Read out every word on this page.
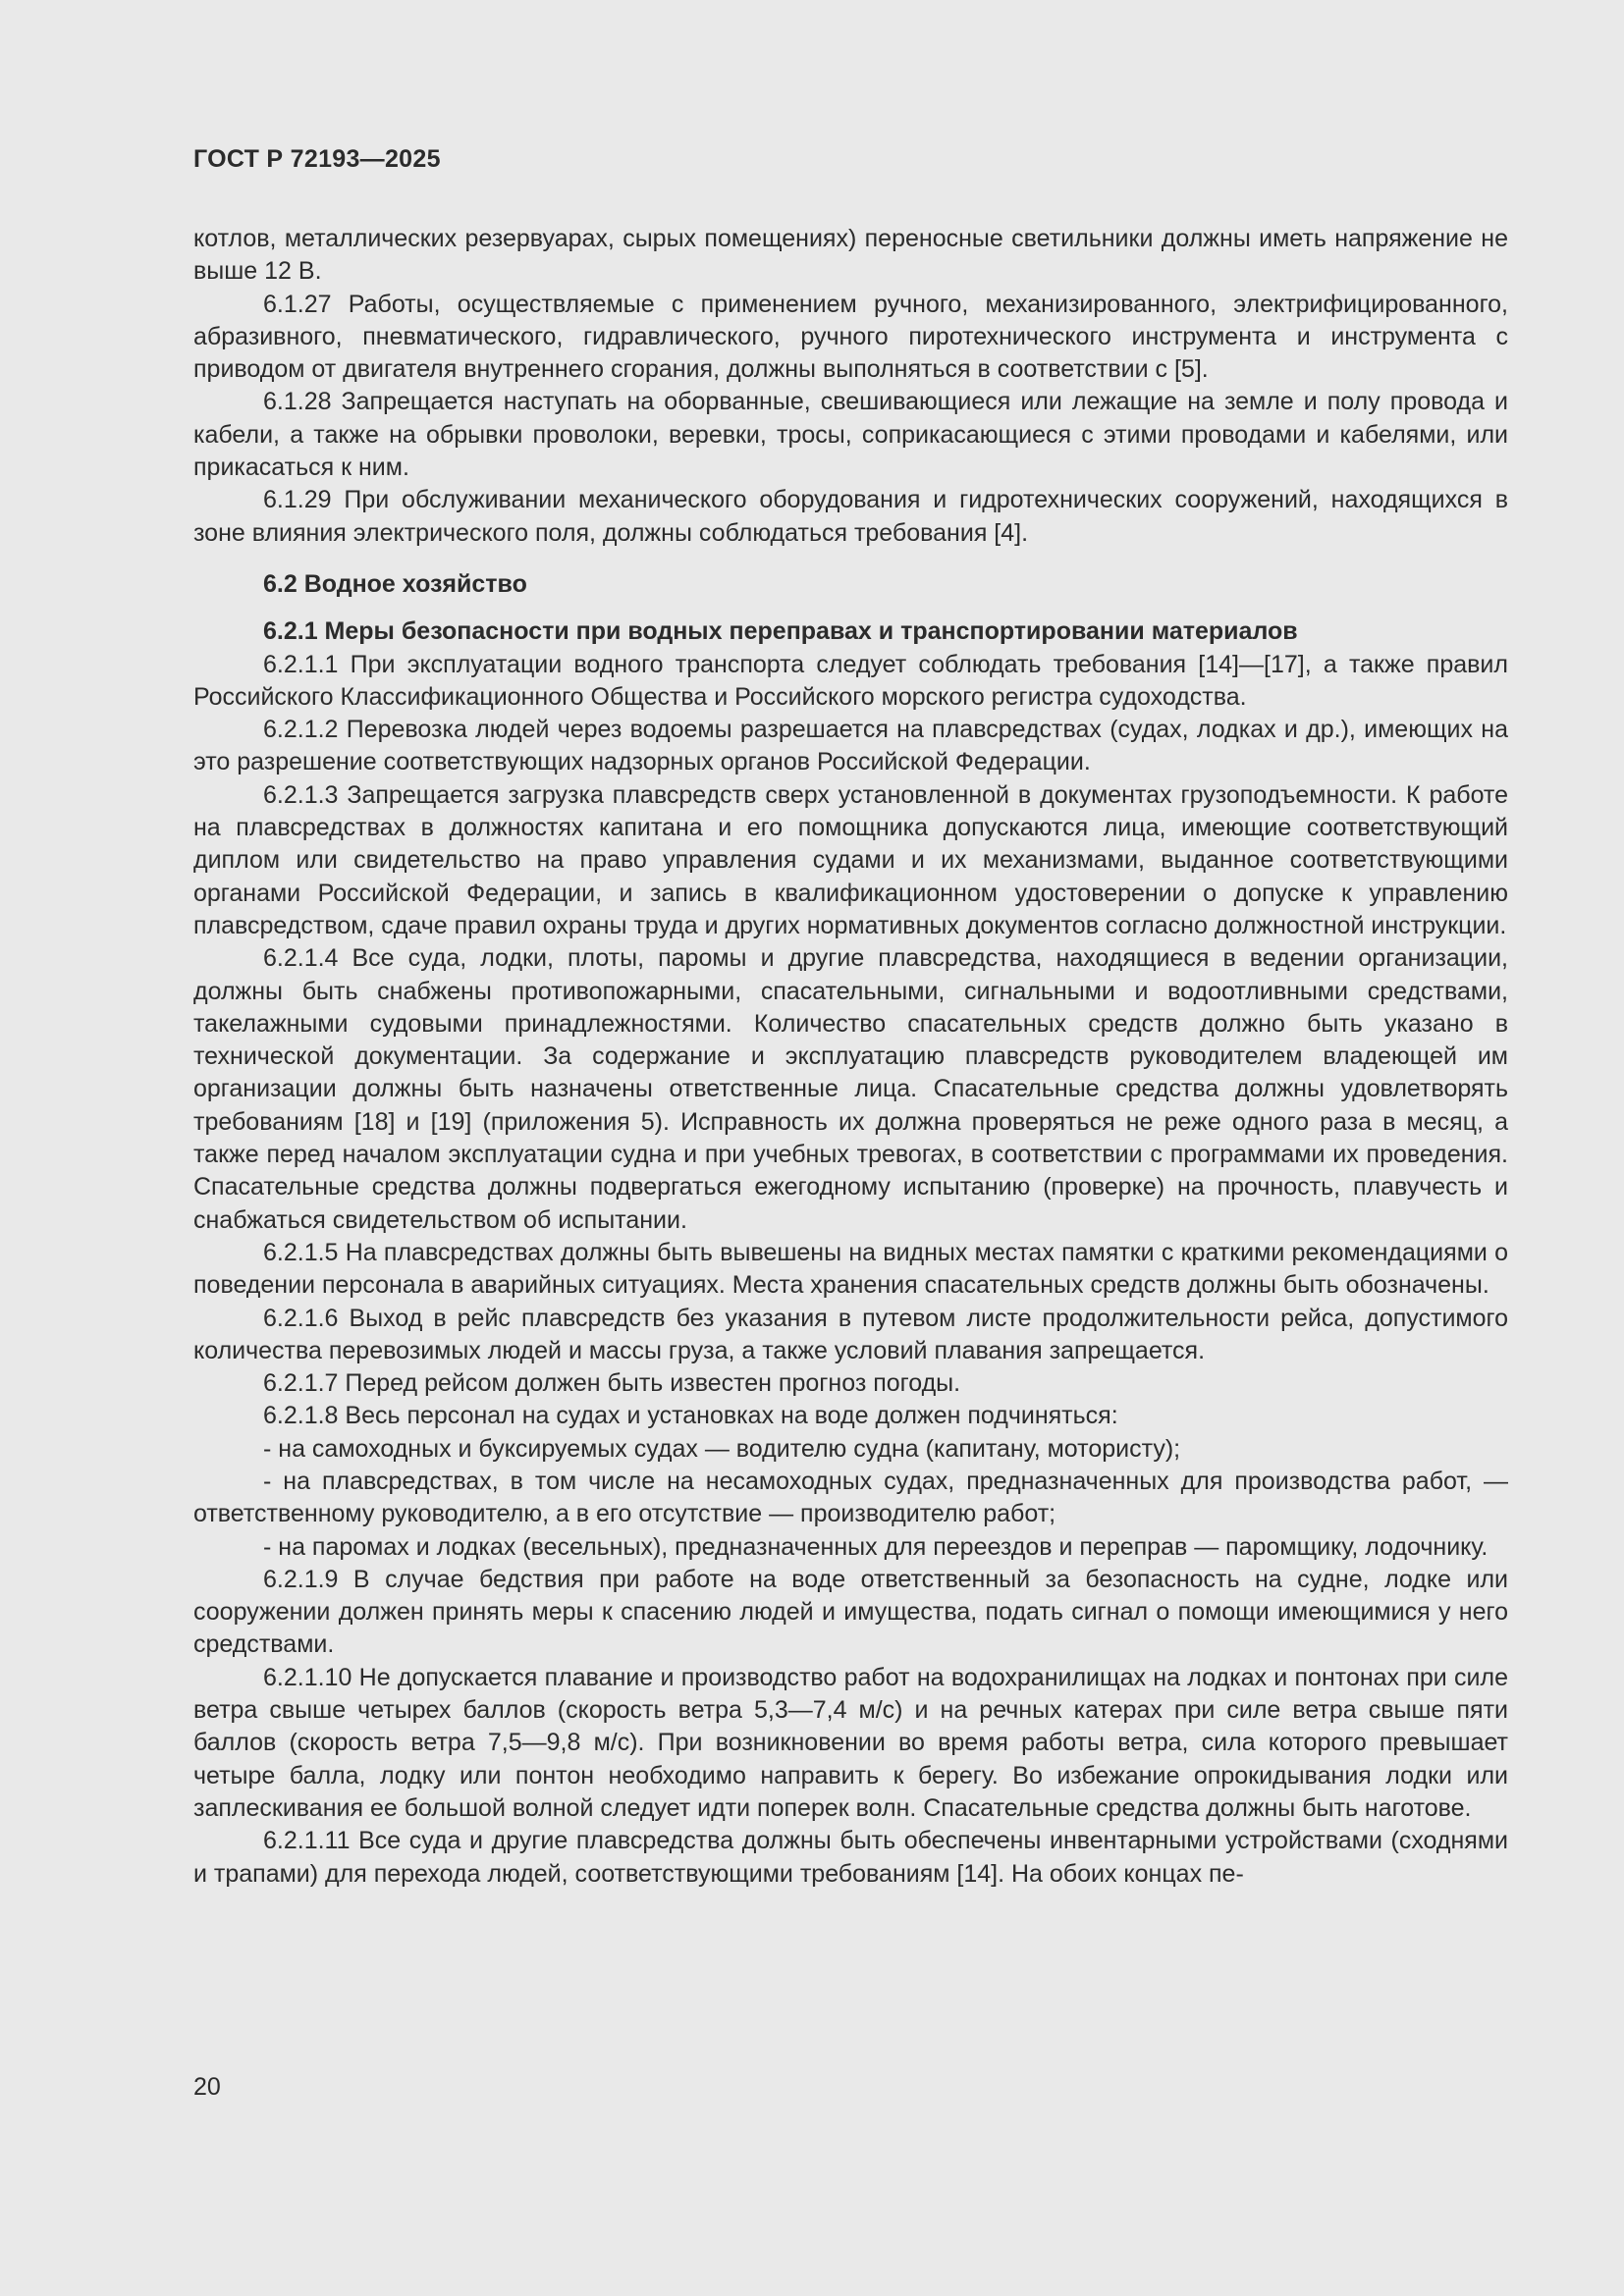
ГОСТ Р 72193—2025

котлов, металлических резервуарах, сырых помещениях) переносные светильники должны иметь напряжение не выше 12 В.

6.1.27 Работы, осуществляемые с применением ручного, механизированного, электрифицированного, абразивного, пневматического, гидравлического, ручного пиротехнического инструмента и инструмента с приводом от двигателя внутреннего сгорания, должны выполняться в соответствии с [5].

6.1.28 Запрещается наступать на оборванные, свешивающиеся или лежащие на земле и полу провода и кабели, а также на обрывки проволоки, веревки, тросы, соприкасающиеся с этими проводами и кабелями, или прикасаться к ним.

6.1.29 При обслуживании механического оборудования и гидротехнических сооружений, находящихся в зоне влияния электрического поля, должны соблюдаться требования [4].

6.2 Водное хозяйство

6.2.1 Меры безопасности при водных переправах и транспортировании материалов

6.2.1.1 При эксплуатации водного транспорта следует соблюдать требования [14]—[17], а также правил Российского Классификационного Общества и Российского морского регистра судоходства.

6.2.1.2 Перевозка людей через водоемы разрешается на плавсредствах (судах, лодках и др.), имеющих на это разрешение соответствующих надзорных органов Российской Федерации.

6.2.1.3 Запрещается загрузка плавсредств сверх установленной в документах грузоподъемности. К работе на плавсредствах в должностях капитана и его помощника допускаются лица, имеющие соответствующий диплом или свидетельство на право управления судами и их механизмами, выданное соответствующими органами Российской Федерации, и запись в квалификационном удостоверении о допуске к управлению плавсредством, сдаче правил охраны труда и других нормативных документов согласно должностной инструкции.

6.2.1.4 Все суда, лодки, плоты, паромы и другие плавсредства, находящиеся в ведении организации, должны быть снабжены противопожарными, спасательными, сигнальными и водоотливными средствами, такелажными судовыми принадлежностями. Количество спасательных средств должно быть указано в технической документации. За содержание и эксплуатацию плавсредств руководителем владеющей им организации должны быть назначены ответственные лица. Спасательные средства должны удовлетворять требованиям [18] и [19] (приложения 5). Исправность их должна проверяться не реже одного раза в месяц, а также перед началом эксплуатации судна и при учебных тревогах, в соответствии с программами их проведения. Спасательные средства должны подвергаться ежегодному испытанию (проверке) на прочность, плавучесть и снабжаться свидетельством об испытании.

6.2.1.5 На плавсредствах должны быть вывешены на видных местах памятки с краткими рекомендациями о поведении персонала в аварийных ситуациях. Места хранения спасательных средств должны быть обозначены.

6.2.1.6 Выход в рейс плавсредств без указания в путевом листе продолжительности рейса, допустимого количества перевозимых людей и массы груза, а также условий плавания запрещается.

6.2.1.7 Перед рейсом должен быть известен прогноз погоды.

6.2.1.8 Весь персонал на судах и установках на воде должен подчиняться:

- на самоходных и буксируемых судах — водителю судна (капитану, мотористу);

- на плавсредствах, в том числе на несамоходных судах, предназначенных для производства работ, — ответственному руководителю, а в его отсутствие — производителю работ;

- на паромах и лодках (весельных), предназначенных для переездов и переправ — паромщику, лодочнику.

6.2.1.9 В случае бедствия при работе на воде ответственный за безопасность на судне, лодке или сооружении должен принять меры к спасению людей и имущества, подать сигнал о помощи имеющимися у него средствами.

6.2.1.10 Не допускается плавание и производство работ на водохранилищах на лодках и понтонах при силе ветра свыше четырех баллов (скорость ветра 5,3—7,4 м/с) и на речных катерах при силе ветра свыше пяти баллов (скорость ветра 7,5—9,8 м/с). При возникновении во время работы ветра, сила которого превышает четыре балла, лодку или понтон необходимо направить к берегу. Во избежание опрокидывания лодки или заплескивания ее большой волной следует идти поперек волн. Спасательные средства должны быть наготове.

6.2.1.11 Все суда и другие плавсредства должны быть обеспечены инвентарными устройствами (сходнями и трапами) для перехода людей, соответствующими требованиям [14]. На обоих концах пе-

20
